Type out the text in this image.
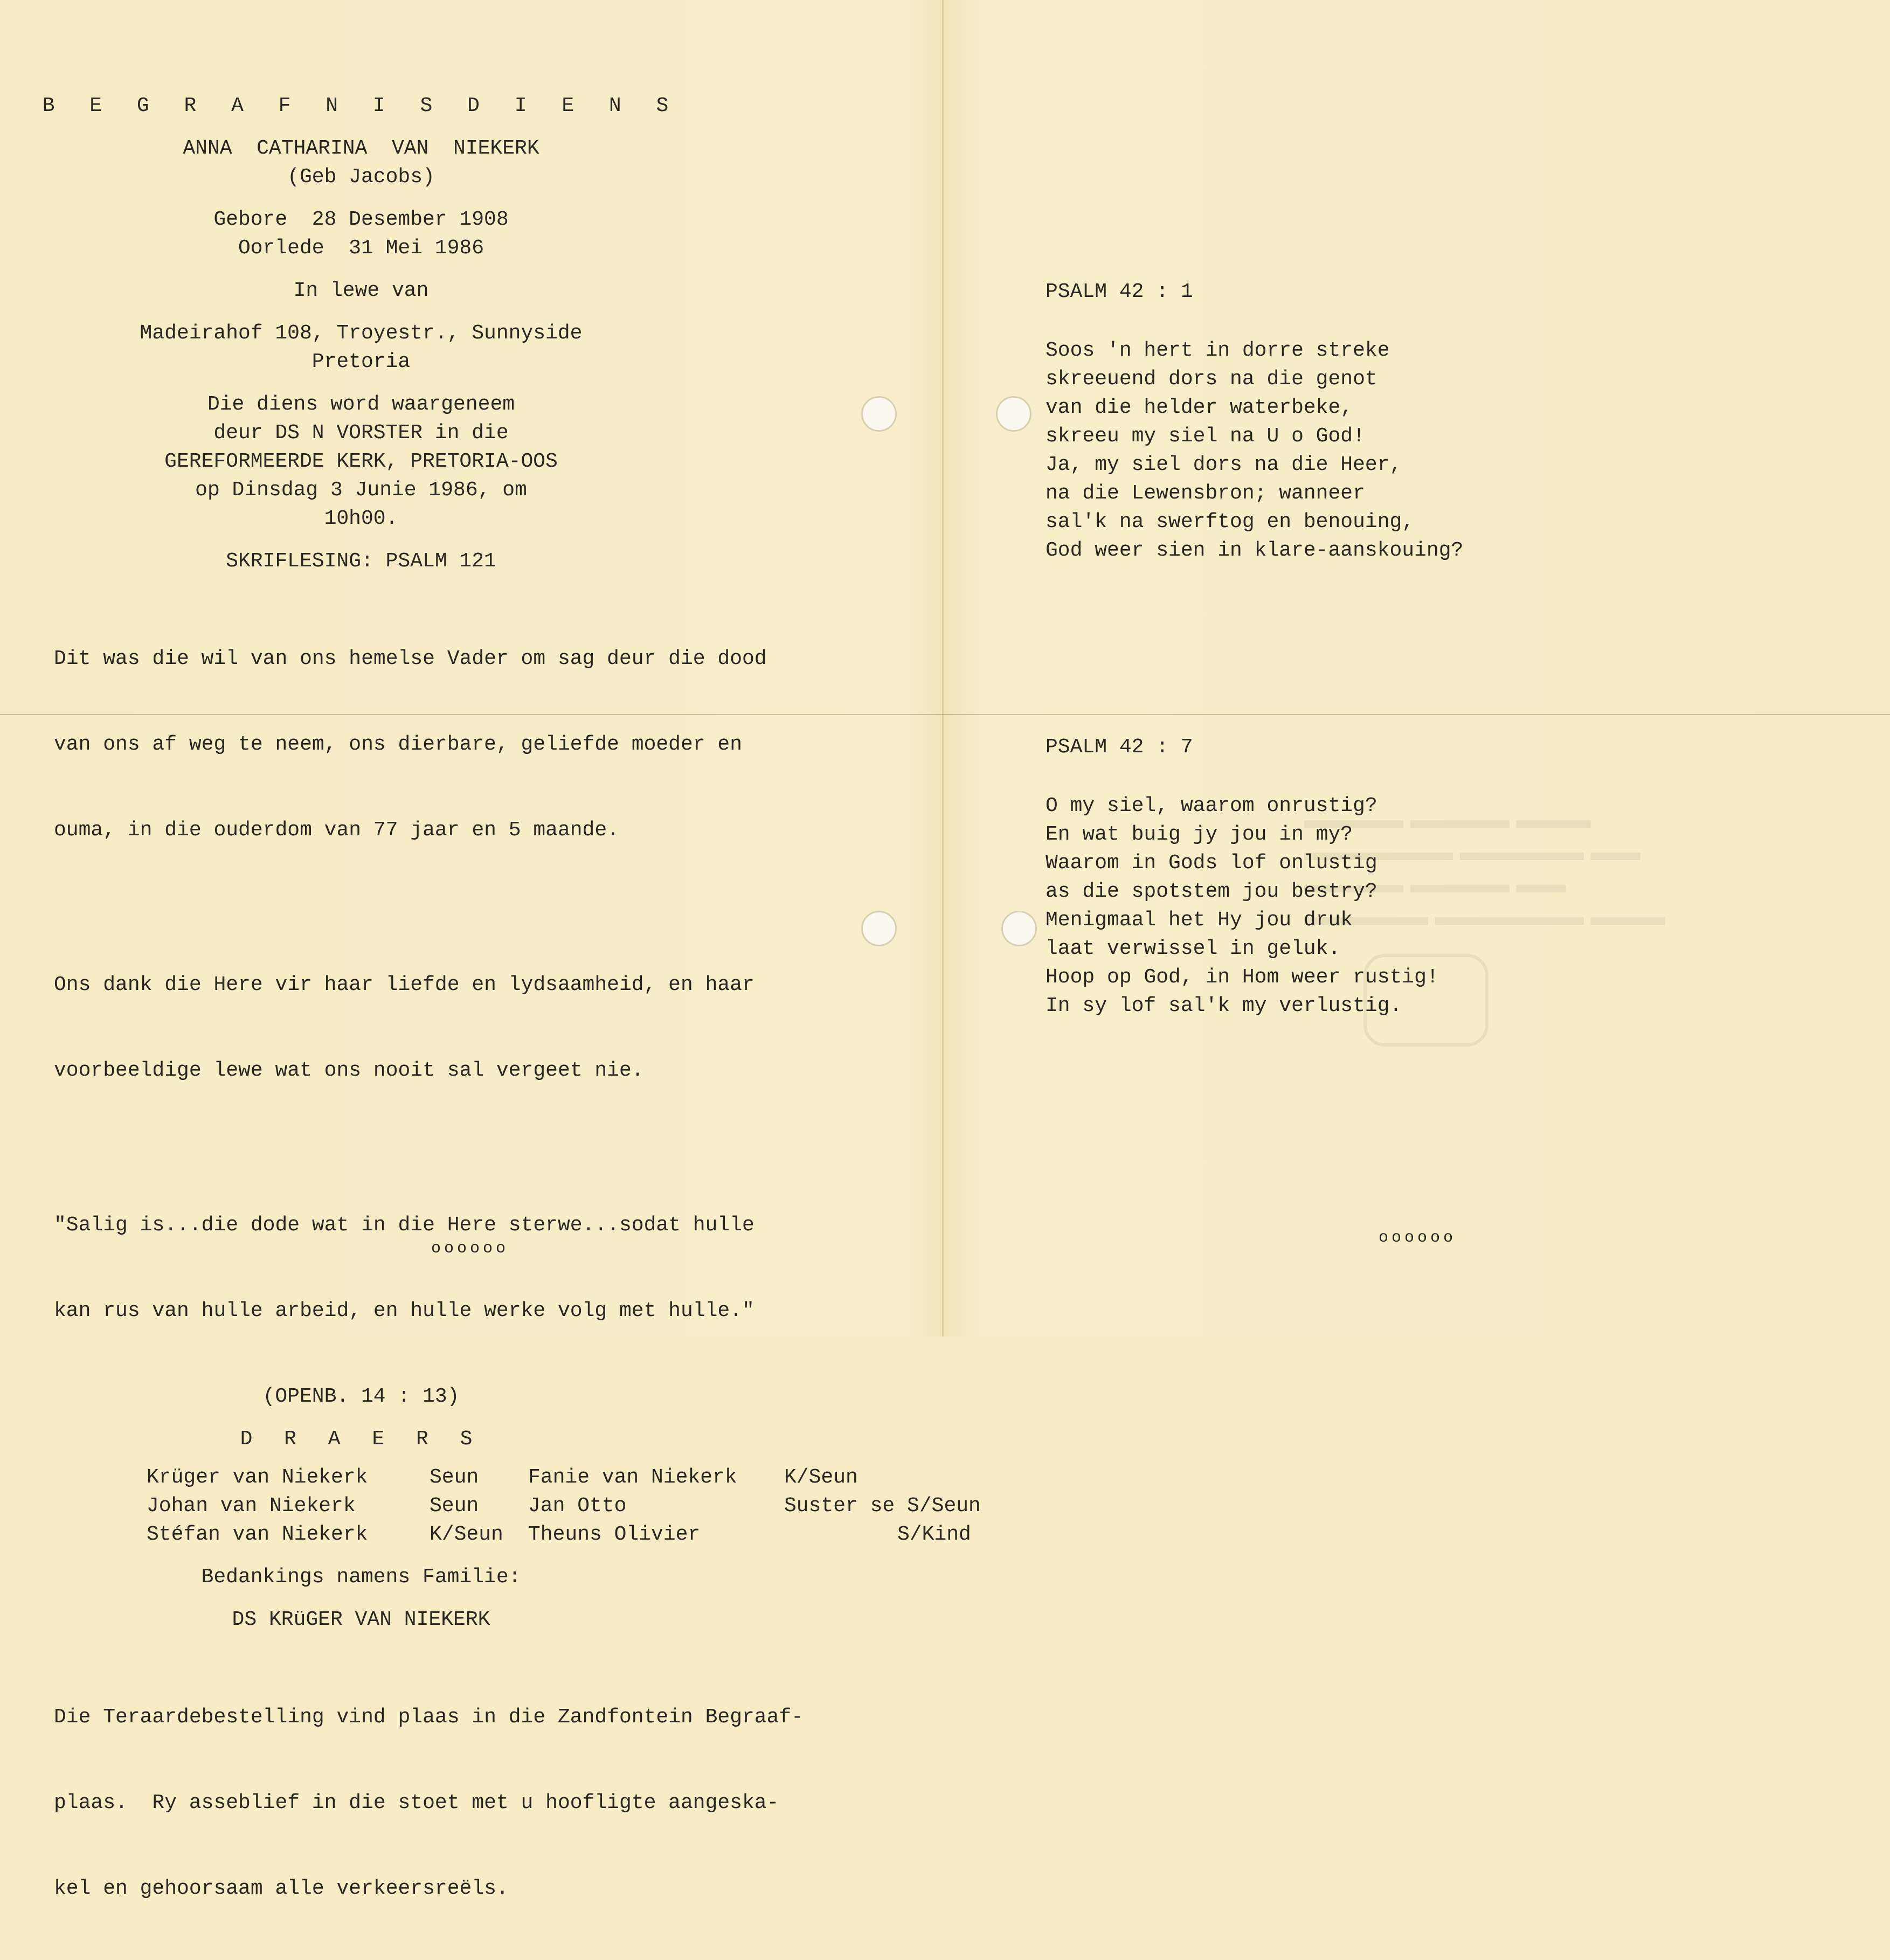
▬▬▬▬ ▬▬▬▬ ▬▬▬
▬▬▬▬▬▬ ▬▬▬▬▬ ▬▬
▬▬▬▬ ▬▬▬▬ ▬▬
▬▬▬▬▬ ▬▬▬▬▬▬ ▬▬▬
B E G R A F N I S D I E N S
ANNA  CATHARINA  VAN  NIEKERK
(Geb Jacobs)
Gebore  28 Desember 1908
Oorlede  31 Mei 1986
In lewe van
Madeirahof 108, Troyestr., Sunnyside
Pretoria
Die diens word waargeneem
deur DS N VORSTER in die
GEREFORMEERDE KERK, PRETORIA-OOS
op Dinsdag 3 Junie 1986, om
10h00.
SKRIFLESING: PSALM 121

Dit was die wil van ons hemelse Vader om sag deur die dood

van ons af weg te neem, ons dierbare, geliefde moeder en

ouma, in die ouderdom van 77 jaar en 5 maande.

Ons dank die Here vir haar liefde en lydsaamheid, en haar

voorbeeldige lewe wat ons nooit sal vergeet nie.

"Salig is...die dode wat in die Here sterwe...sodat hulle

kan rus van hulle arbeid, en hulle werke volg met hulle."

(OPENB. 14 : 13)
D R A E R S
Krüger van Niekerk	Seun	Fanie van Niekerk	K/Seun
Johan van Niekerk	Seun	Jan Otto	Suster se S/Seun
Stéfan van Niekerk	K/Seun	Theuns Olivier	S/Kind
Bedankings namens Familie:
DS KRüGER VAN NIEKERK

Die Teraardebestelling vind plaas in die Zandfontein Begraaf-

plaas.  Ry asseblief in die stoet met u hoofligte aangeska-

kel en gehoorsaam alle verkeersreëls.

oooooo
PSALM 42 : 1
Soos 'n hert in dorre streke
skreeuend dors na die genot
van die helder waterbeke,
skreeu my siel na U o God!
Ja, my siel dors na die Heer,
na die Lewensbron; wanneer
sal'k na swerftog en benouing,
God weer sien in klare-aanskouing?
PSALM 42 : 7
O my siel, waarom onrustig?
En wat buig jy jou in my?
Waarom in Gods lof onlustig
as die spotstem jou bestry?
Menigmaal het Hy jou druk
laat verwissel in geluk.
Hoop op God, in Hom weer rustig!
In sy lof sal'k my verlustig.
oooooo
